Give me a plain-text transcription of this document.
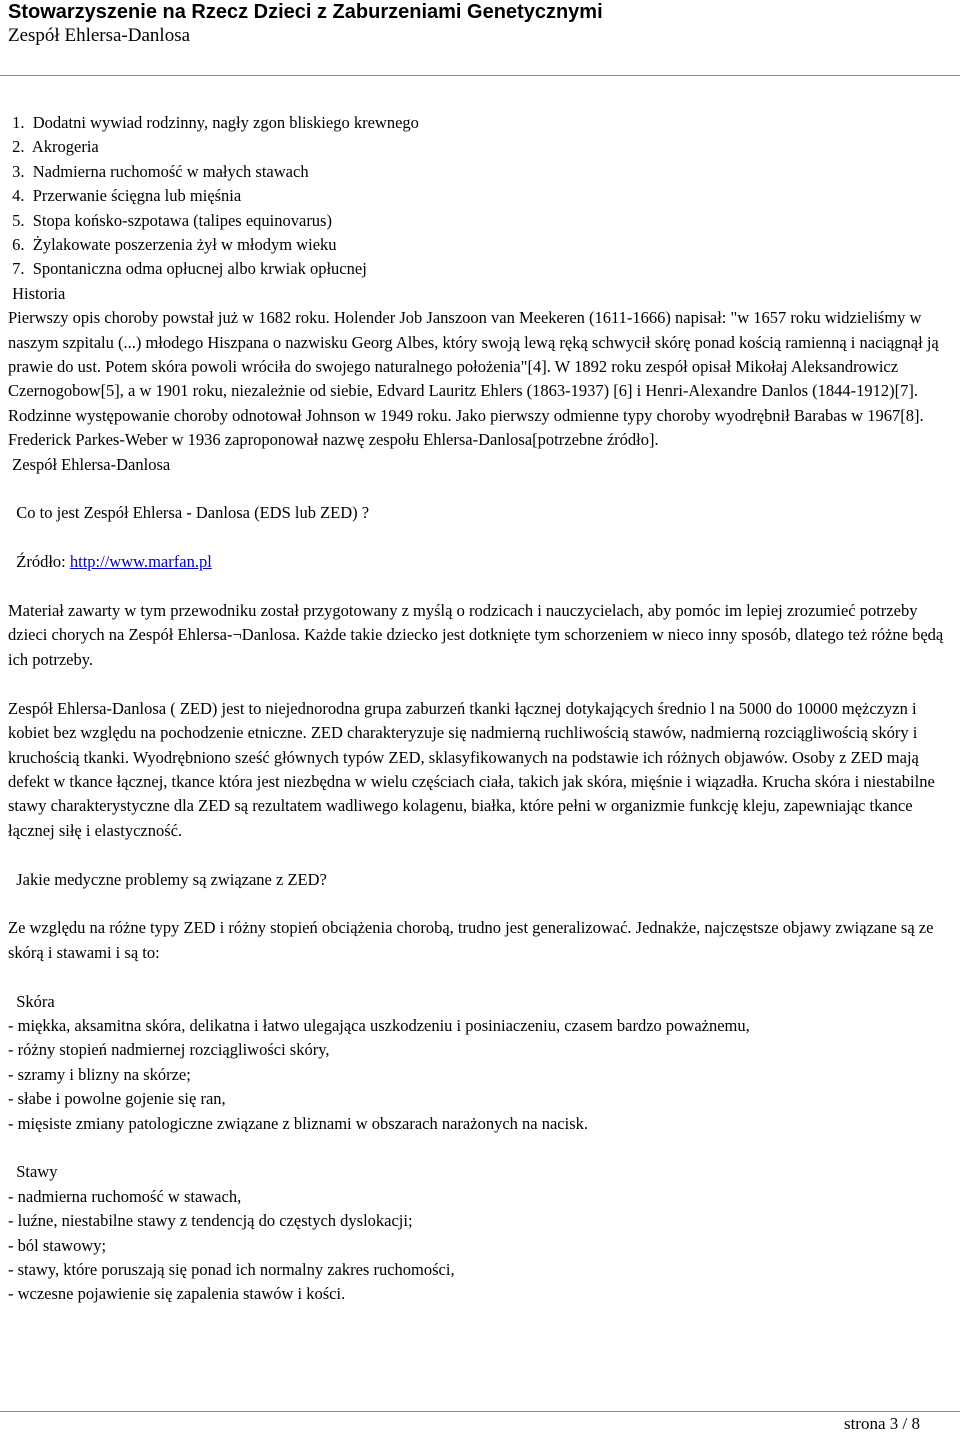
Stowarzyszenie na Rzecz Dzieci z Zaburzeniami Genetycznymi
Zespół Ehlersa-Danlosa
1.  Dodatni wywiad rodzinny, nagły zgon bliskiego krewnego
2.  Akrogeria
3.  Nadmierna ruchomość w małych stawach
4.  Przerwanie ścięgna lub mięśnia
5.  Stopa końsko-szpotawa (talipes equinovarus)
6.  Żylakowate poszerzenia żył w młodym wieku
7.  Spontaniczna odma opłucnej albo krwiak opłucnej
Historia
Pierwszy opis choroby powstał już w 1682 roku. Holender Job Janszoon van Meekeren (1611-1666) napisał: "w 1657 roku widzieliśmy w naszym szpitalu (...) młodego Hiszpana o nazwisku Georg Albes, który swoją lewą ręką schwycił skórę ponad kością ramienną i naciągnął ją prawie do ust. Potem skóra powoli wróciła do swojego naturalnego położenia"[4]. W 1892 roku zespół opisał Mikołaj Aleksandrowicz Czernogobow[5], a w 1901 roku, niezależnie od siebie, Edvard Lauritz Ehlers (1863-1937) [6] i Henri-Alexandre Danlos (1844-1912)[7]. Rodzinne występowanie choroby odnotował Johnson w 1949 roku. Jako pierwszy odmienne typy choroby wyodrębnił Barabas w 1967[8]. Frederick Parkes-Weber w 1936 zaproponował nazwę zespołu Ehlersa-Danlosa[potrzebne źródło].
Zespół Ehlersa-Danlosa
Co to jest Zespół Ehlersa - Danlosa (EDS lub ZED) ?
Źródło: http://www.marfan.pl
Materiał zawarty w tym przewodniku został przygotowany z myślą o rodzicach i nauczycielach, aby pomóc im lepiej zrozumieć potrzeby dzieci chorych na Zespół Ehlersa-¬Danlosa. Każde takie dziecko jest dotknięte tym schorzeniem w nieco inny sposób, dlatego też różne będą ich potrzeby.
Zespół Ehlersa-Danlosa ( ZED) jest to niejednorodna grupa zaburzeń tkanki łącznej dotykających średnio l na 5000 do 10000 mężczyzn i kobiet bez względu na pochodzenie etniczne. ZED charakteryzuje się nadmierną ruchliwością stawów, nadmierną rozciągliwością skóry i kruchością tkanki. Wyodrębniono sześć głównych typów ZED, sklasyfikowanych na podstawie ich różnych objawów. Osoby z ZED mają defekt w tkance łącznej, tkance która jest niezbędna w wielu częściach ciała, takich jak skóra, mięśnie i wiązadła. Krucha skóra i niestabilne stawy charakterystyczne dla ZED są rezultatem wadliwego kolagenu, białka, które pełni w organizmie funkcję kleju, zapewniając tkance łącznej siłę i elastyczność.
Jakie medyczne problemy są związane z ZED?
Ze względu na różne typy ZED i różny stopień obciążenia chorobą, trudno jest generalizować. Jednakże, najczęstsze objawy związane są ze skórą i stawami i są to:
Skóra
- miękka, aksamitna skóra, delikatna i łatwo ulegająca uszkodzeniu i posiniaczeniu, czasem bardzo poważnemu,
- różny stopień nadmiernej rozciągliwości skóry,
- szramy i blizny na skórze;
- słabe i powolne gojenie się ran,
- mięsiste zmiany patologiczne związane z bliznami w obszarach narażonych na nacisk.
Stawy
- nadmierna ruchomość w stawach,
- luźne, niestabilne stawy z tendencją do częstych dyslokacji;
- ból stawowy;
- stawy, które poruszają się ponad ich normalny zakres ruchomości,
- wczesne pojawienie się zapalenia stawów i kości.
strona 3 / 8
